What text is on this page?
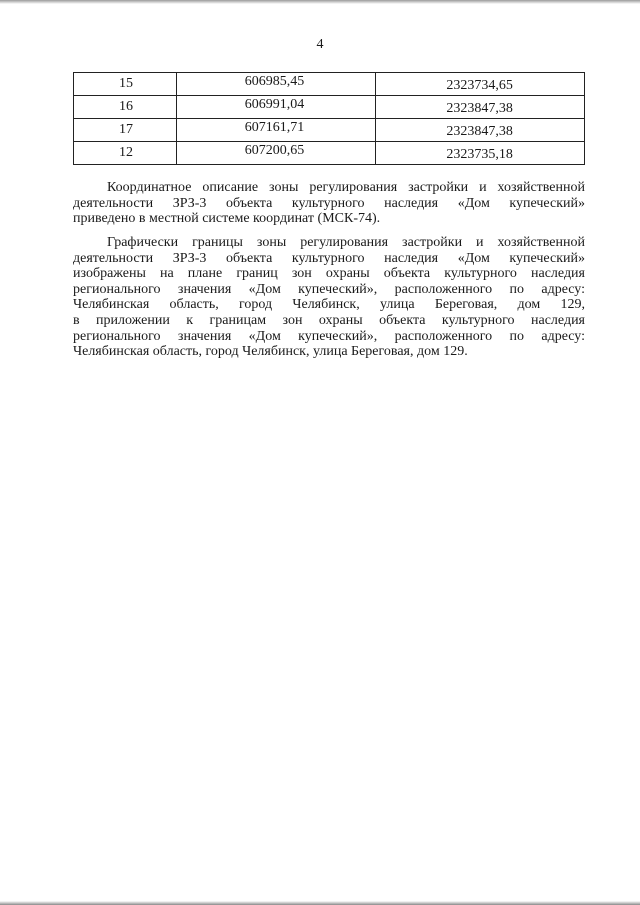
4
15	606985,45	2323734,65
16	606991,04	2323847,38
17	607161,71	2323847,38
12	607200,65	2323735,18
Координатное описание зоны регулирования застройки и хозяйственной
деятельности ЗРЗ-3 объекта культурного наследия «Дом купеческий»
приведено в местной системе координат (МСК-74).
Графически границы зоны регулирования застройки и хозяйственной
деятельности ЗРЗ-3 объекта культурного наследия «Дом купеческий»
изображены на плане границ зон охраны объекта культурного наследия
регионального значения «Дом купеческий», расположенного по адресу:
Челябинская область, город Челябинск, улица Береговая, дом 129,
в приложении к границам зон охраны объекта культурного наследия
регионального значения «Дом купеческий», расположенного по адресу:
Челябинская область, город Челябинск, улица Береговая, дом 129.
